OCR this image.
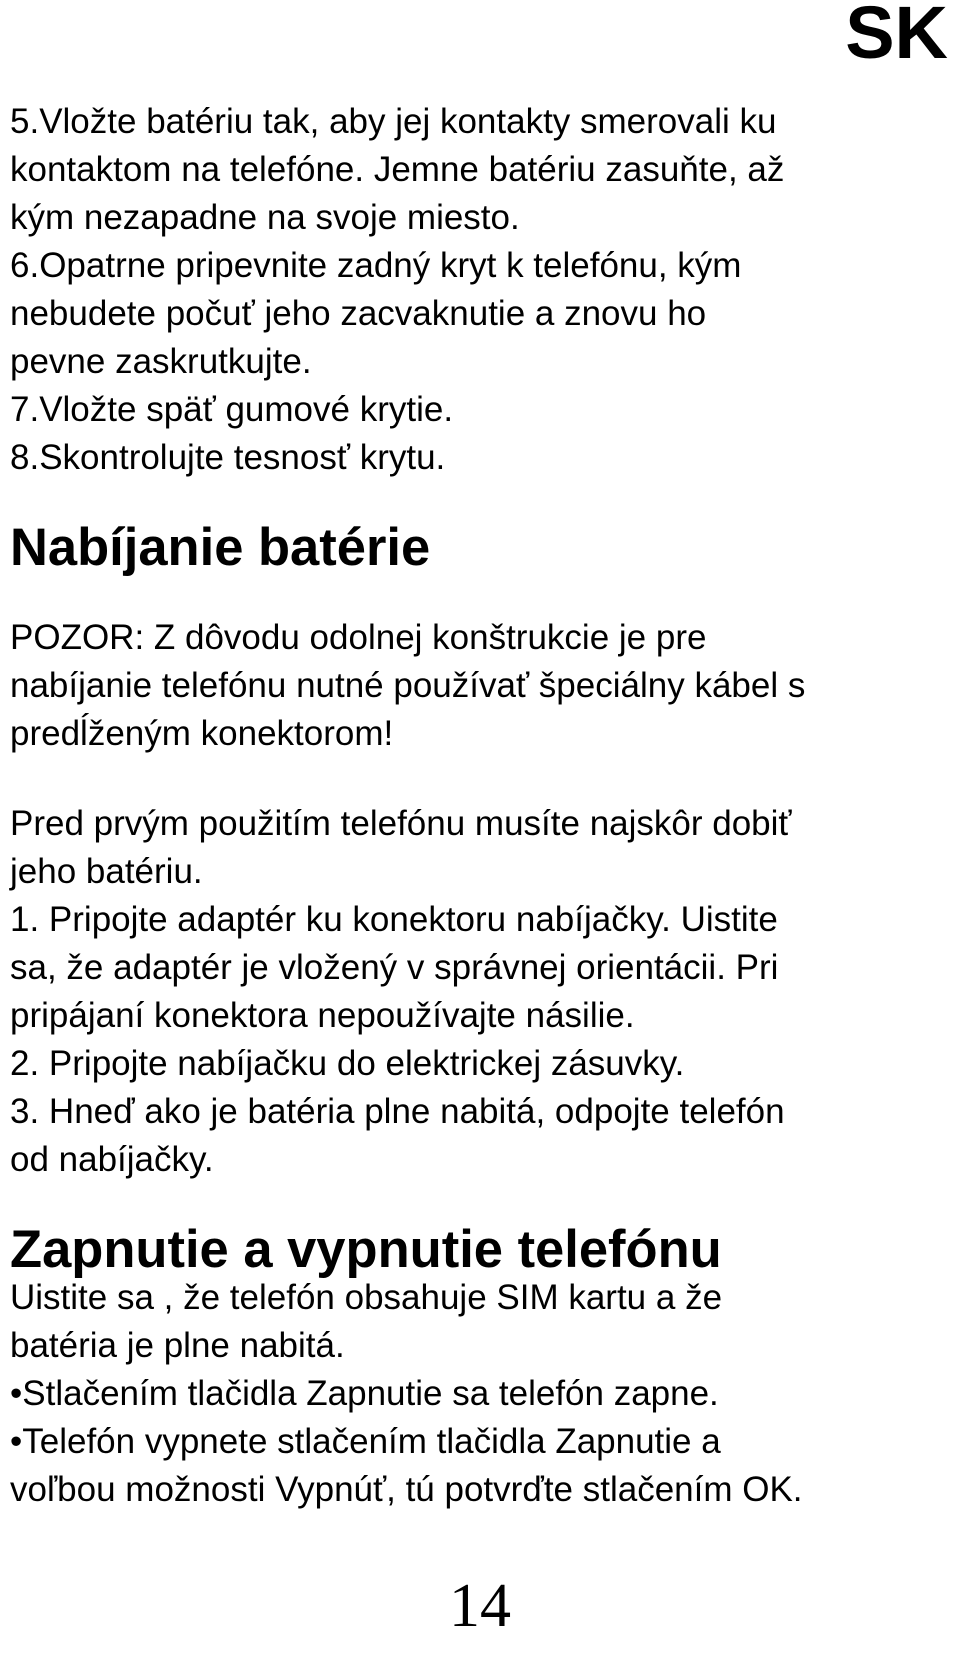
SK

5.Vložte batériu tak, aby jej kontakty smerovali ku

kontaktom na telefóne. Jemne batériu zasuňte, až

kým nezapadne na svoje miesto.

6.Opatrne pripevnite zadný kryt k telefónu, kým

nebudete počuť jeho zacvaknutie a znovu ho

pevne zaskrutkujte.

7.Vložte späť gumové krytie.

8.Skontrolujte tesnosť krytu.

Nabíjanie batérie

POZOR: Z dôvodu odolnej konštrukcie je pre

nabíjanie telefónu nutné používať špeciálny kábel s

predĺženým konektorom!

Pred prvým použitím telefónu musíte najskôr dobiť

jeho batériu.

1. Pripojte adaptér ku konektoru nabíjačky. Uistite

sa, že adaptér je vložený v správnej orientácii. Pri

pripájaní konektora nepoužívajte násilie.

2. Pripojte nabíjačku do elektrickej zásuvky.

3. Hneď ako je batéria plne nabitá, odpojte telefón

od nabíjačky.

Zapnutie a vypnutie telefónu

Uistite sa , že telefón obsahuje SIM kartu a že

batéria je plne nabitá.

•Stlačením tlačidla Zapnutie sa telefón zapne.

•Telefón vypnete stlačením tlačidla Zapnutie a

voľbou možnosti Vypnúť, tú potvrďte stlačením OK.

14
